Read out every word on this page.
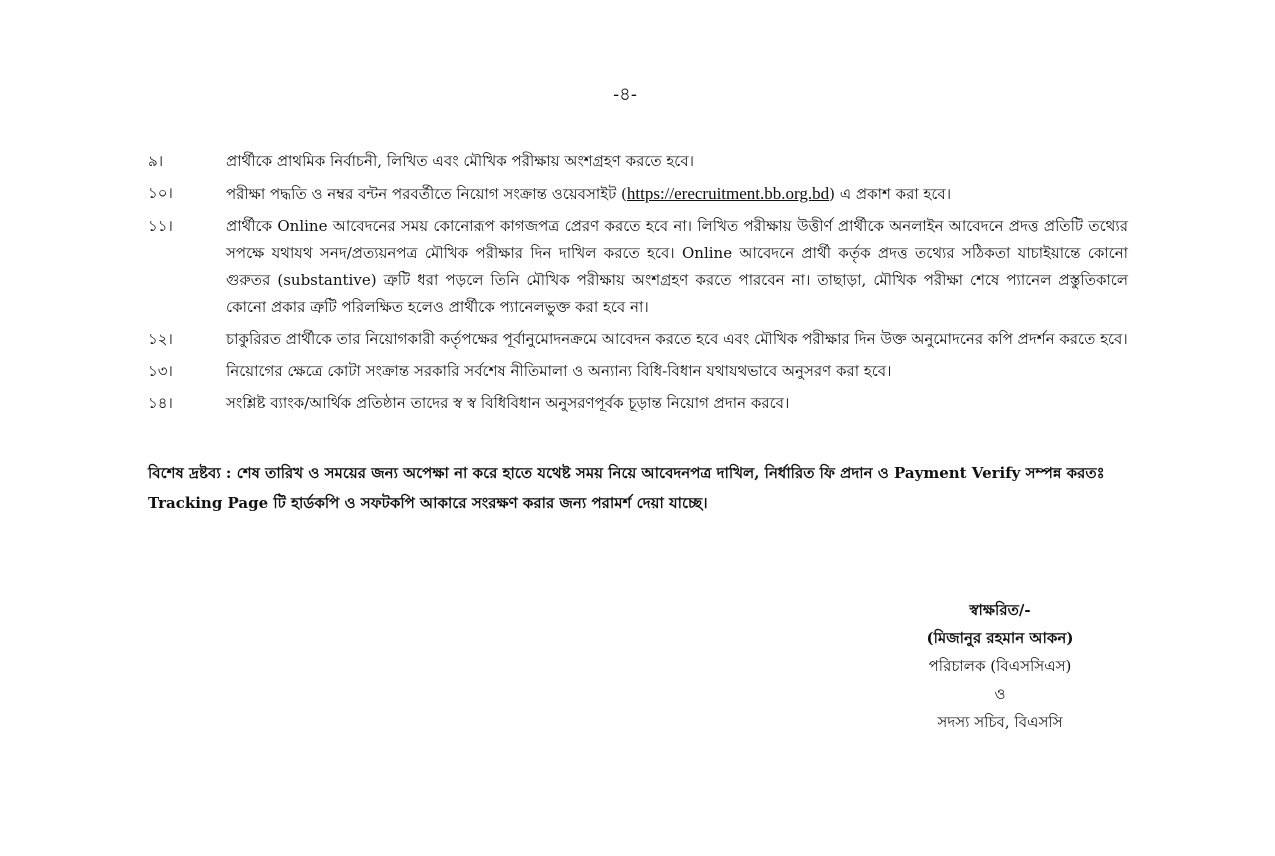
-৪-
৯।	প্রার্থীকে প্রাথমিক নির্বাচনী, লিখিত এবং মৌখিক পরীক্ষায় অংশগ্রহণ করতে হবে।
১০।	পরীক্ষা পদ্ধতি ও নম্বর বন্টন পরবর্তীতে নিয়োগ সংক্রান্ত ওয়েবসাইট (https://erecruitment.bb.org.bd) এ প্রকাশ করা হবে।
১১।	প্রার্থীকে Online আবেদনের সময় কোনোরূপ কাগজপত্র প্রেরণ করতে হবে না। লিখিত পরীক্ষায় উত্তীর্ণ প্রার্থীকে অনলাইন আবেদনে প্রদত্ত প্রতিটি তথ্যের সপক্ষে যথাযথ সনদ/প্রত্যয়নপত্র মৌখিক পরীক্ষার দিন দাখিল করতে হবে। Online আবেদনে প্রার্থী কর্তৃক প্রদত্ত তথ্যের সঠিকতা যাচাইয়ান্তে কোনো গুরুতর (substantive) ত্রুটি ধরা পড়লে তিনি মৌখিক পরীক্ষায় অংশগ্রহণ করতে পারবেন না। তাছাড়া, মৌখিক পরীক্ষা শেষে প্যানেল প্রস্তুতিকালে কোনো প্রকার ত্রুটি পরিলক্ষিত হলেও প্রার্থীকে প্যানেলভুক্ত করা হবে না।
১২।	চাকুরিরত প্রার্থীকে তার নিয়োগকারী কর্তৃপক্ষের পূর্বানুমোদনক্রমে আবেদন করতে হবে এবং মৌখিক পরীক্ষার দিন উক্ত অনুমোদনের কপি প্রদর্শন করতে হবে।
১৩।	নিয়োগের ক্ষেত্রে কোটা সংক্রান্ত সরকারি সর্বশেষ নীতিমালা ও অন্যান্য বিধি-বিধান যথাযথভাবে অনুসরণ করা হবে।
১৪।	সংশ্লিষ্ট ব্যাংক/আর্থিক প্রতিষ্ঠান তাদের স্ব স্ব বিধিবিধান অনুসরণপূর্বক চূড়ান্ত নিয়োগ প্রদান করবে।
বিশেষ দ্রষ্টব্য : শেষ তারিখ ও সময়ের জন্য অপেক্ষা না করে হাতে যথেষ্ট সময় নিয়ে আবেদনপত্র দাখিল, নির্ধারিত ফি প্রদান ও Payment Verify সম্পন্ন করতঃ Tracking Page টি হার্ডকপি ও সফটকপি আকারে সংরক্ষণ করার জন্য পরামর্শ দেয়া যাচ্ছে।
স্বাক্ষরিত/-
(মিজানুর রহমান আকন)
পরিচালক (বিএসসিএস)
ও
সদস্য সচিব, বিএসসি
